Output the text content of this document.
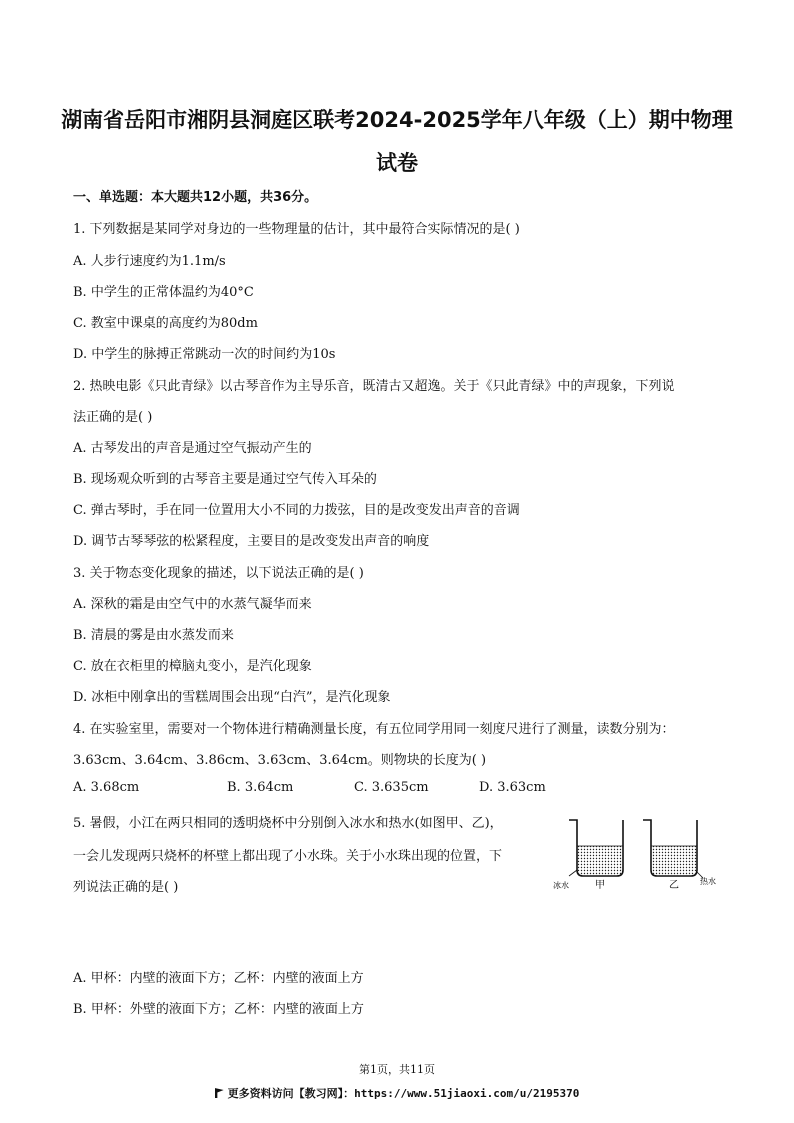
湖南省岳阳市湘阴县洞庭区联考2024-2025学年八年级（上）期中物理
试卷
一、单选题：本大题共12小题，共36分。
1. 下列数据是某同学对身边的一些物理量的估计，其中最符合实际情况的是( )
A. 人步行速度约为1.1m/s
B. 中学生的正常体温约为40°C
C. 教室中课桌的高度约为80dm
D. 中学生的脉搏正常跳动一次的时间约为10s
2. 热映电影《只此青绿》以古琴音作为主导乐音，既清古又超逸。关于《只此青绿》中的声现象，下列说
法正确的是( )
A. 古琴发出的声音是通过空气振动产生的
B. 现场观众听到的古琴音主要是通过空气传入耳朵的
C. 弹古琴时，手在同一位置用大小不同的力拨弦，目的是改变发出声音的音调
D. 调节古琴琴弦的松紧程度，主要目的是改变发出声音的响度
3. 关于物态变化现象的描述，以下说法正确的是( )
A. 深秋的霜是由空气中的水蒸气凝华而来
B. 清晨的雾是由水蒸发而来
C. 放在衣柜里的樟脑丸变小，是汽化现象
D. 冰柜中刚拿出的雪糕周围会出现“白汽”，是汽化现象
4. 在实验室里，需要对一个物体进行精确测量长度，有五位同学用同一刻度尺进行了测量，读数分别为：
3.63cm、3.64cm、3.86cm、3.63cm、3.64cm。则物块的长度为( )
A. 3.68cm	B. 3.64cm	C. 3.635cm	D. 3.63cm
5. 暑假，小江在两只相同的透明烧杯中分别倒入冰水和热水(如图甲、乙)，
一会儿发现两只烧杯的杯壁上都出现了小水珠。关于小水珠出现的位置，下
列说法正确的是( )	冰水	甲	乙	热水
A. 甲杯：内壁的液面下方；乙杯：内壁的液面上方
B. 甲杯：外壁的液面下方；乙杯：内壁的液面上方
第1页，共11页
更多资料访问【教习网】：https://www.51jiaoxi.com/u/2195370
